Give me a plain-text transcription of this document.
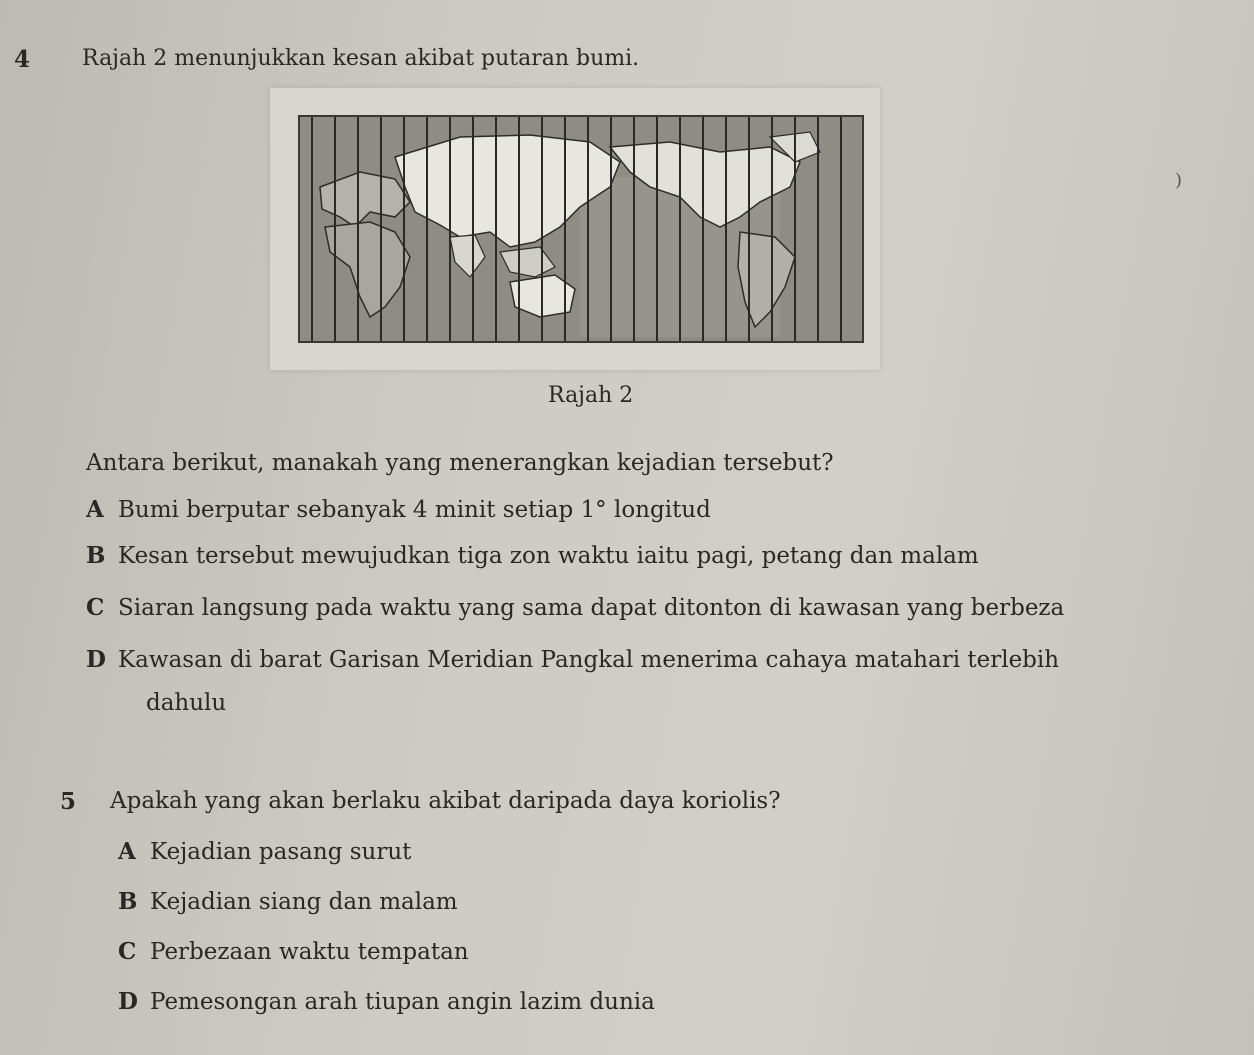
4 Rajah 2 menunjukkan kesan akibat putaran bumi.
Rajah 2
)
Antara berikut, manakah yang menerangkan kejadian tersebut?
A Bumi berputar sebanyak 4 minit setiap 1° longitud
B Kesan tersebut mewujudkan tiga zon waktu iaitu pagi, petang dan malam
C Siaran langsung pada waktu yang sama dapat ditonton di kawasan yang berbeza
D Kawasan di barat Garisan Meridian Pangkal menerima cahaya matahari terlebih
dahulu
5 Apakah yang akan berlaku akibat daripada daya koriolis?
A Kejadian pasang surut
B Kejadian siang dan malam
C Perbezaan waktu tempatan
D Pemesongan arah tiupan angin lazim dunia
